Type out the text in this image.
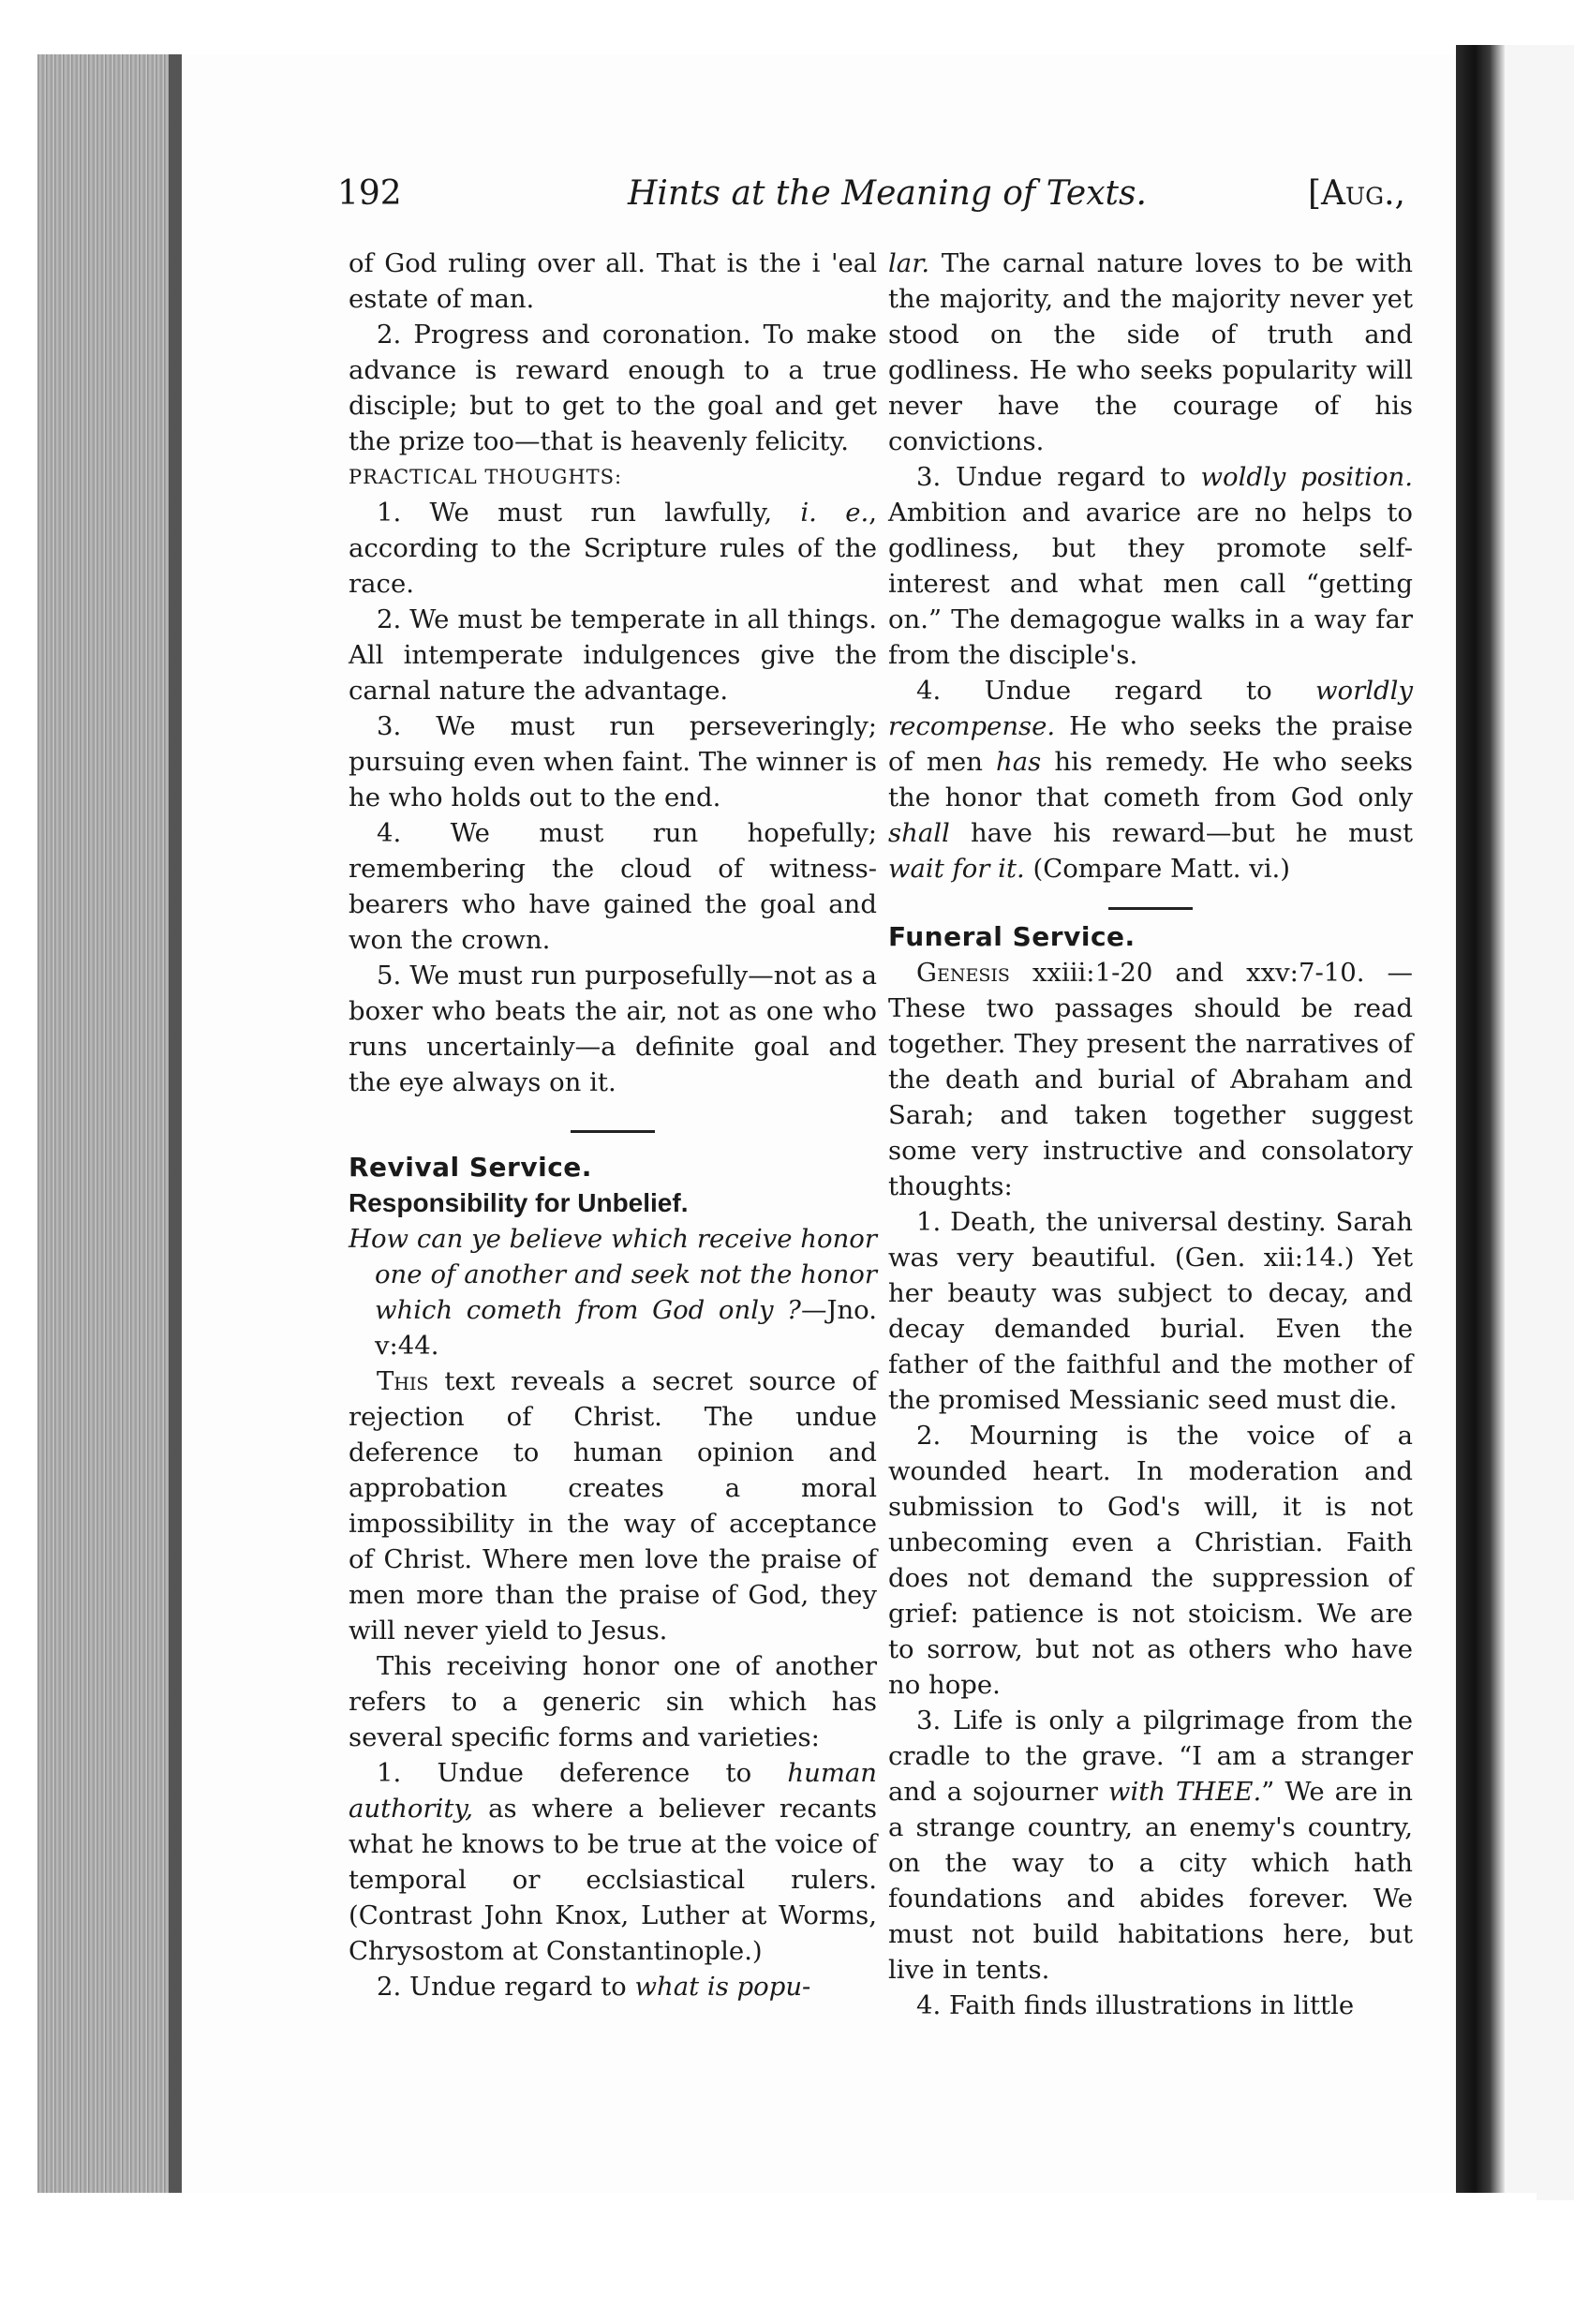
192	Hints at the Meaning of Texts.	[Aug.,

of God ruling over all. That is the i 'eal estate of man.

2. Progress and coronation. To make advance is reward enough to a true disciple; but to get to the goal and get the prize too—that is heavenly felicity.

PRACTICAL THOUGHTS:

1. We must run lawfully, i. e., according to the Scripture rules of the race.

2. We must be temperate in all things. All intemperate indulgences give the carnal nature the advantage.

3. We must run perseveringly; pursuing even when faint. The winner is he who holds out to the end.

4. We must run hopefully; remembering the cloud of witness-bearers who have gained the goal and won the crown.

5. We must run purposefully—not as a boxer who beats the air, not as one who runs uncertainly—a definite goal and the eye always on it.

Revival Service.

Responsibility for Unbelief.

How can ye believe which receive honor one of another and seek not the honor which cometh from God only ?—Jno. v:44.

This text reveals a secret source of rejection of Christ. The undue deference to human opinion and approbation creates a moral impossibility in the way of acceptance of Christ. Where men love the praise of men more than the praise of God, they will never yield to Jesus.

This receiving honor one of another refers to a generic sin which has several specific forms and varieties:

1. Undue deference to human authority, as where a believer recants what he knows to be true at the voice of temporal or ecclsiastical rulers. (Contrast John Knox, Luther at Worms, Chrysostom at Constantinople.)

2. Undue regard to what is popu-

lar. The carnal nature loves to be with the majority, and the majority never yet stood on the side of truth and godliness. He who seeks popularity will never have the courage of his convictions.

3. Undue regard to woldly position. Ambition and avarice are no helps to godliness, but they promote self-interest and what men call “getting on.” The demagogue walks in a way far from the disciple's.

4. Undue regard to worldly recompense. He who seeks the praise of men has his remedy. He who seeks the honor that cometh from God only shall have his reward—but he must wait for it. (Compare Matt. vi.)

Funeral Service.

Genesis xxiii:1-20 and xxv:7-10. —These two passages should be read together. They present the narratives of the death and burial of Abraham and Sarah; and taken together suggest some very instructive and consolatory thoughts:

1. Death, the universal destiny. Sarah was very beautiful. (Gen. xii:14.) Yet her beauty was subject to decay, and decay demanded burial. Even the father of the faithful and the mother of the promised Messianic seed must die.

2. Mourning is the voice of a wounded heart. In moderation and submission to God's will, it is not unbecoming even a Christian. Faith does not demand the suppression of grief: patience is not stoicism. We are to sorrow, but not as others who have no hope.

3. Life is only a pilgrimage from the cradle to the grave. “I am a stranger and a sojourner with THEE.” We are in a strange country, an enemy's country, on the way to a city which hath foundations and abides forever. We must not build habitations here, but live in tents.

4. Faith finds illustrations in little
